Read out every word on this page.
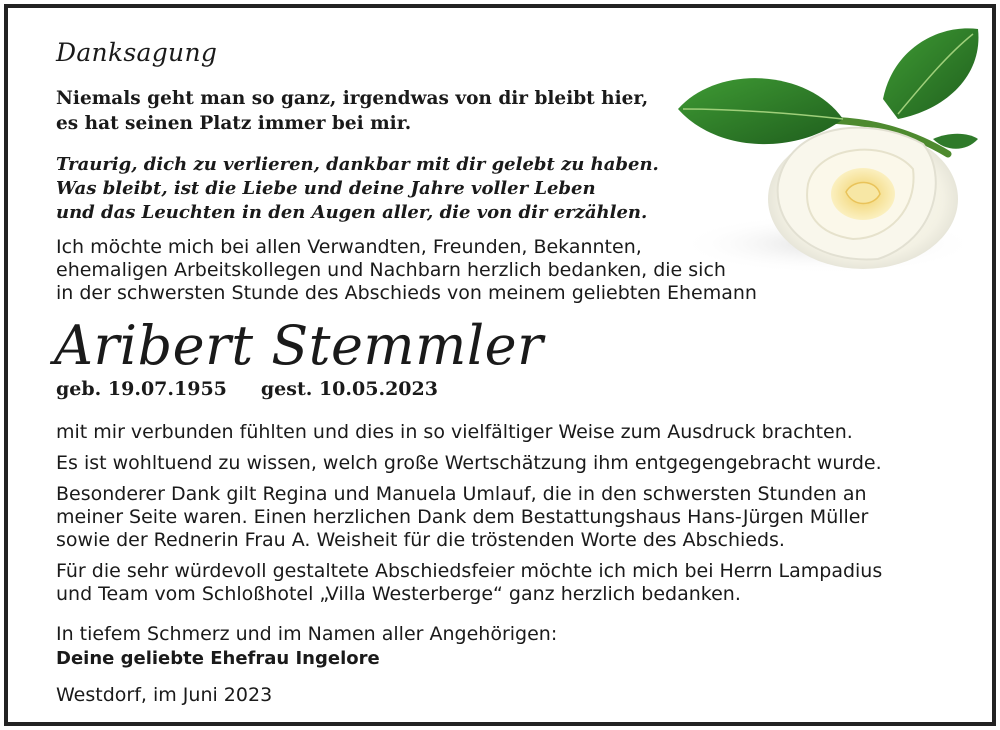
Danksagung

Niemals geht man so ganz, irgendwas von dir bleibt hier,

es hat seinen Platz immer bei mir.

Traurig, dich zu verlieren, dankbar mit dir gelebt zu haben.

Was bleibt, ist die Liebe und deine Jahre voller Leben

und das Leuchten in den Augen aller, die von dir erzählen.

Ich möchte mich bei allen Verwandten, Freunden, Bekannten,

ehemaligen Arbeitskollegen und Nachbarn herzlich bedanken, die sich

in der schwersten Stunde des Abschieds von meinem geliebten Ehemann

Aribert Stemmler

geb. 19.07.1955 gest. 10.05.2023

mit mir verbunden fühlten und dies in so vielfältiger Weise zum Ausdruck brachten.

Es ist wohltuend zu wissen, welch große Wertschätzung ihm entgegengebracht wurde.

Besonderer Dank gilt Regina und Manuela Umlauf, die in den schwersten Stunden an

meiner Seite waren. Einen herzlichen Dank dem Bestattungshaus Hans-Jürgen Müller

sowie der Rednerin Frau A. Weisheit für die tröstenden Worte des Abschieds.

Für die sehr würdevoll gestaltete Abschiedsfeier möchte ich mich bei Herrn Lampadius

und Team vom Schloßhotel „Villa Westerberge“ ganz herzlich bedanken.

In tiefem Schmerz und im Namen aller Angehörigen:

Deine geliebte Ehefrau Ingelore

Westdorf, im Juni 2023
